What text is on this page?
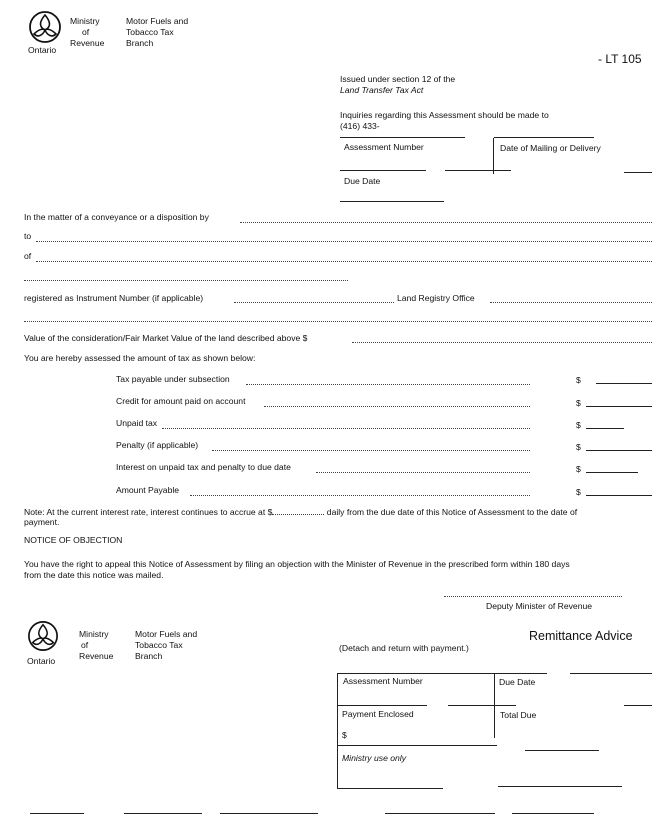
Ontario
Ministry
of
Revenue
Motor Fuels and
Tobacco Tax
Branch
- LT 105
Issued under section 12 of the
Land Transfer Tax Act
Inquiries regarding this Assessment should be made to
(416) 433-
Assessment Number	Date of Mailing or Delivery
Due Date
In the matter of a conveyance or a disposition by
to
of
registered as Instrument Number (if applicable)	Land Registry Office
Value of the consideration/Fair Market Value of the land described above $
You are hereby assessed the amount of tax as shown below:
Tax payable under subsection	$
Credit for amount paid on account	$
Unpaid tax	$
Penalty (if applicable)	$
Interest on unpaid tax and penalty to due date	$
Amount Payable	$
Note: At the current interest rate, interest continues to accrue at $	daily from the due date of this Notice of Assessment to the date of
payment.
NOTICE OF OBJECTION
You have the right to appeal this Notice of Assessment by filing an objection with the Minister of Revenue in the prescribed form within 180 days
from the date this notice was mailed.
Deputy Minister of Revenue
Ontario
Ministry
of
Revenue
Motor Fuels and
Tobacco Tax
Branch
Remittance Advice
(Detach and return with payment.)
Assessment Number	Due Date
Payment Enclosed	Total Due
$
Ministry use only
